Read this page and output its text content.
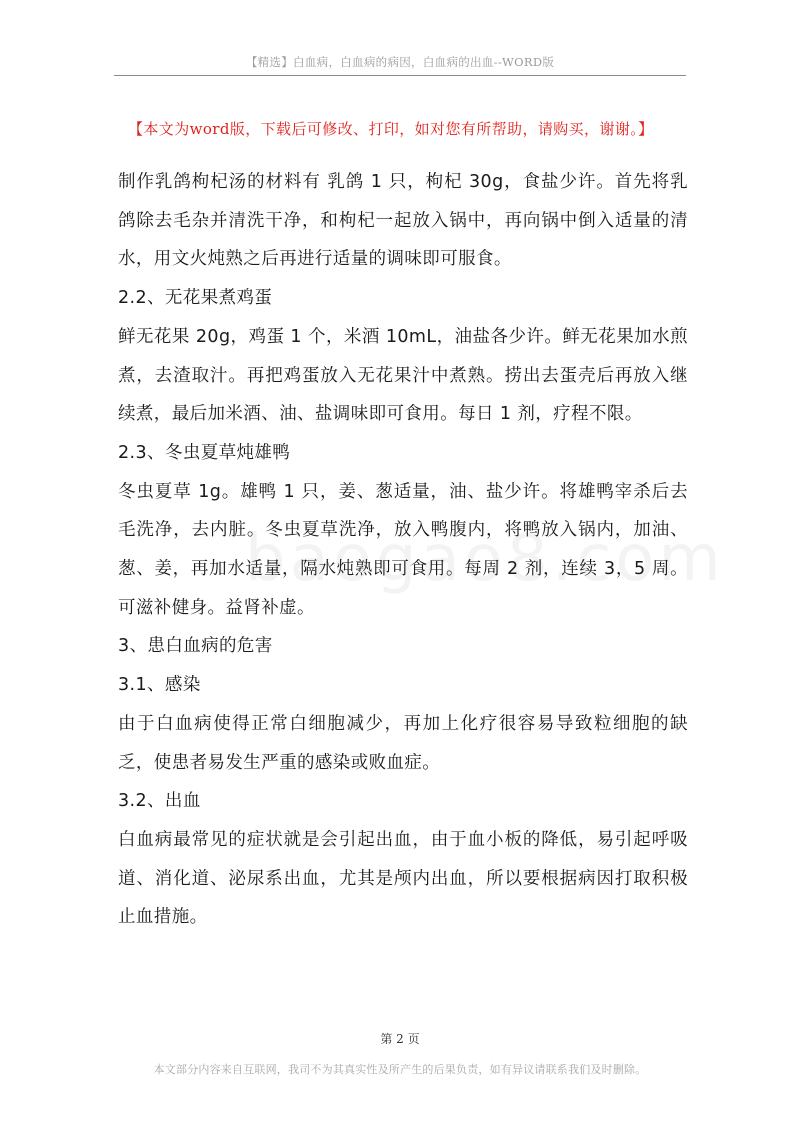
【精选】白血病，白血病的病因，白血病的出血--WORD版
【本文为word版，下载后可修改、打印，如对您有所帮助，请购买，谢谢。】

制作乳鸽枸杞汤的材料有 乳鸽 1 只，枸杞 30g，食盐少许。首先将乳鸽除去毛杂并清洗干净，和枸杞一起放入锅中，再向锅中倒入适量的清水，用文火炖熟之后再进行适量的调味即可服食。

2.2、无花果煮鸡蛋

鲜无花果 20g，鸡蛋 1 个，米酒 10mL，油盐各少许。鲜无花果加水煎煮，去渣取汁。再把鸡蛋放入无花果汁中煮熟。捞出去蛋壳后再放入继续煮，最后加米酒、油、盐调味即可食用。每日 1 剂，疗程不限。

2.3、冬虫夏草炖雄鸭

冬虫夏草 1g。雄鸭 1 只，姜、葱适量，油、盐少许。将雄鸭宰杀后去毛洗净，去内脏。冬虫夏草洗净，放入鸭腹内，将鸭放入锅内，加油、葱、姜，再加水适量，隔水炖熟即可食用。每周 2 剂，连续 3，5 周。可滋补健身。益肾补虚。

3、患白血病的危害

3.1、感染

由于白血病使得正常白细胞减少，再加上化疗很容易导致粒细胞的缺乏，使患者易发生严重的感染或败血症。

3.2、出血

白血病最常见的症状就是会引起出血，由于血小板的降低，易引起呼吸道、消化道、泌尿系出血，尤其是颅内出血，所以要根据病因打取积极止血措施。

第 2 页
本文部分内容来自互联网，我司不为其真实性及所产生的后果负责，如有异议请联系我们及时删除。
